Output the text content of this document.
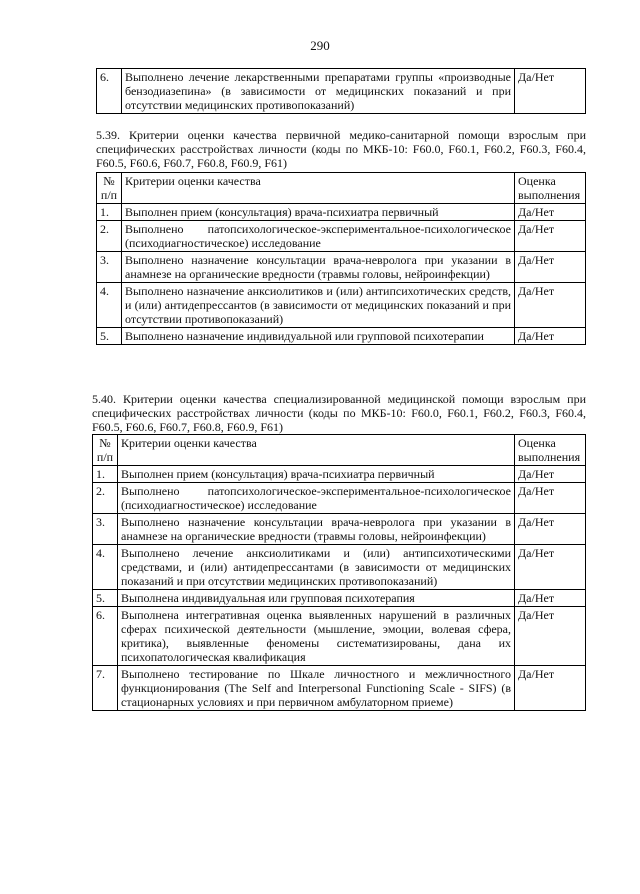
290
6.	Выполнено лечение лекарственными препаратами группы «производные бензодиазепина» (в зависимости от медицинских показаний и при отсутствии медицинских противопоказаний)	Да/Нет
5.39. Критерии оценки качества первичной медико-санитарной помощи взрослым при специфических расстройствах личности (коды по МКБ-10: F60.0, F60.1, F60.2, F60.3, F60.4, F60.5, F60.6, F60.7, F60.8, F60.9, F61)
№ п/п	Критерии оценки качества	Оценка выполнения
1.	Выполнен прием (консультация) врача-психиатра первичный	Да/Нет
2.	Выполнено патопсихологическое-экспериментальное-психологическое (психодиагностическое) исследование	Да/Нет
3.	Выполнено назначение консультации врача-невролога при указании в анамнезе на органические вредности (травмы головы, нейроинфекции)	Да/Нет
4.	Выполнено назначение анксиолитиков и (или) антипсихотических средств, и (или) антидепрессантов (в зависимости от медицинских показаний и при отсутствии противопоказаний)	Да/Нет
5.	Выполнено назначение индивидуальной или групповой психотерапии	Да/Нет
5.40. Критерии оценки качества специализированной медицинской помощи взрослым при специфических расстройствах личности (коды по МКБ-10: F60.0, F60.1, F60.2, F60.3, F60.4, F60.5, F60.6, F60.7, F60.8, F60.9, F61)
№ п/п	Критерии оценки качества	Оценка выполнения
1.	Выполнен прием (консультация) врача-психиатра первичный	Да/Нет
2.	Выполнено патопсихологическое-экспериментальное-психологическое (психодиагностическое) исследование	Да/Нет
3.	Выполнено назначение консультации врача-невролога при указании в анамнезе на органические вредности (травмы головы, нейроинфекции)	Да/Нет
4.	Выполнено лечение анксиолитиками и (или) антипсихотическими средствами, и (или) антидепрессантами (в зависимости от медицинских показаний и при отсутствии медицинских противопоказаний)	Да/Нет
5.	Выполнена индивидуальная или групповая психотерапия	Да/Нет
6.	Выполнена интегративная оценка выявленных нарушений в различных сферах психической деятельности (мышление, эмоции, волевая сфера, критика), выявленные феномены систематизированы, дана их психопатологическая квалификация	Да/Нет
7.	Выполнено тестирование по Шкале личностного и межличностного функционирования (The Self and Interpersonal Functioning Scale - SIFS) (в стационарных условиях и при первичном амбулаторном приеме)	Да/Нет
